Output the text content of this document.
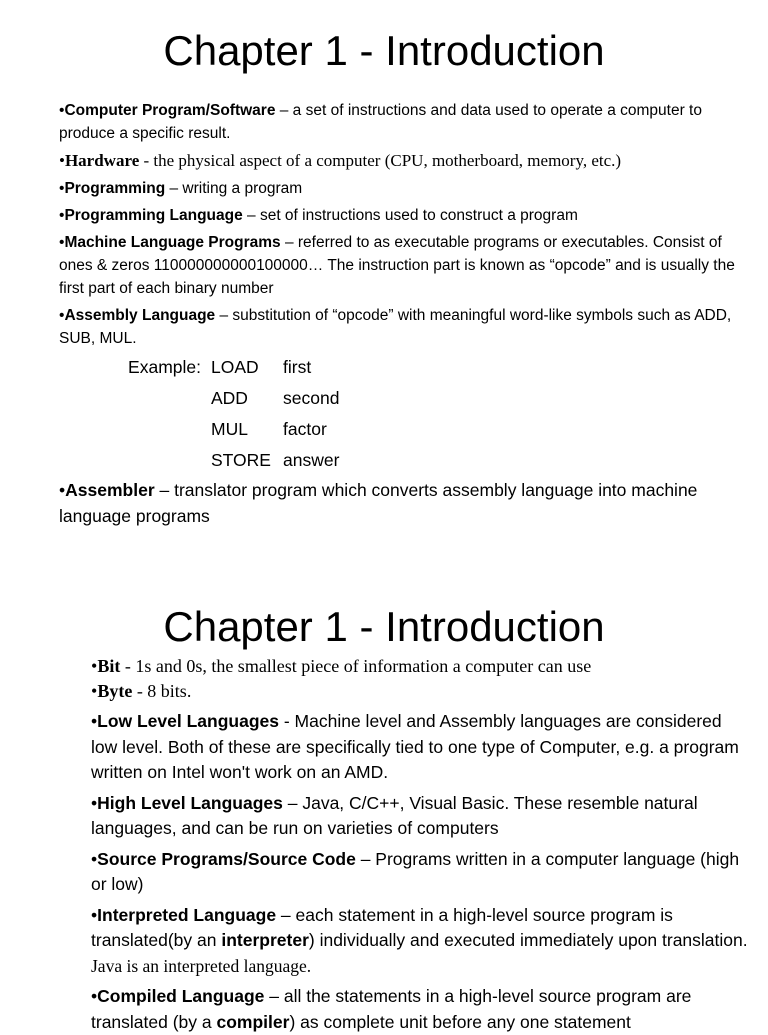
Chapter 1 - Introduction

•Computer Program/Software – a set of instructions and data used to operate a computer to produce a specific result.

•Hardware - the physical aspect of a computer (CPU, motherboard, memory, etc.)

•Programming – writing a program

•Programming Language – set of instructions used to construct a program

•Machine Language Programs – referred to as executable programs or executables. Consist of ones & zeros 110000000000100000… The instruction part is known as “opcode” and is usually the first part of each binary number

•Assembly Language – substitution of “opcode” with meaningful word-like symbols such as ADD, SUB, MUL.

Example: LOAD	first
ADD	second
MUL	factor
STORE answer

•Assembler – translator program which converts assembly language into machine language programs

Chapter 1 - Introduction

•Bit - 1s and 0s, the smallest piece of information a computer can use

•Byte - 8 bits.

•Low Level Languages - Machine level and Assembly languages are considered low level. Both of these are specifically tied to one type of Computer, e.g. a program written on Intel won't work on an AMD.

•High Level Languages – Java, C/C++, Visual Basic. These resemble natural languages, and can be run on varieties of computers

•Source Programs/Source Code – Programs written in a computer language (high or low)

•Interpreted Language – each statement in a high-level source program is translated(by an interpreter) individually and executed immediately upon translation. Java is an interpreted language.

•Compiled Language – all the statements in a high-level source program are translated (by a compiler) as complete unit before any one statement
